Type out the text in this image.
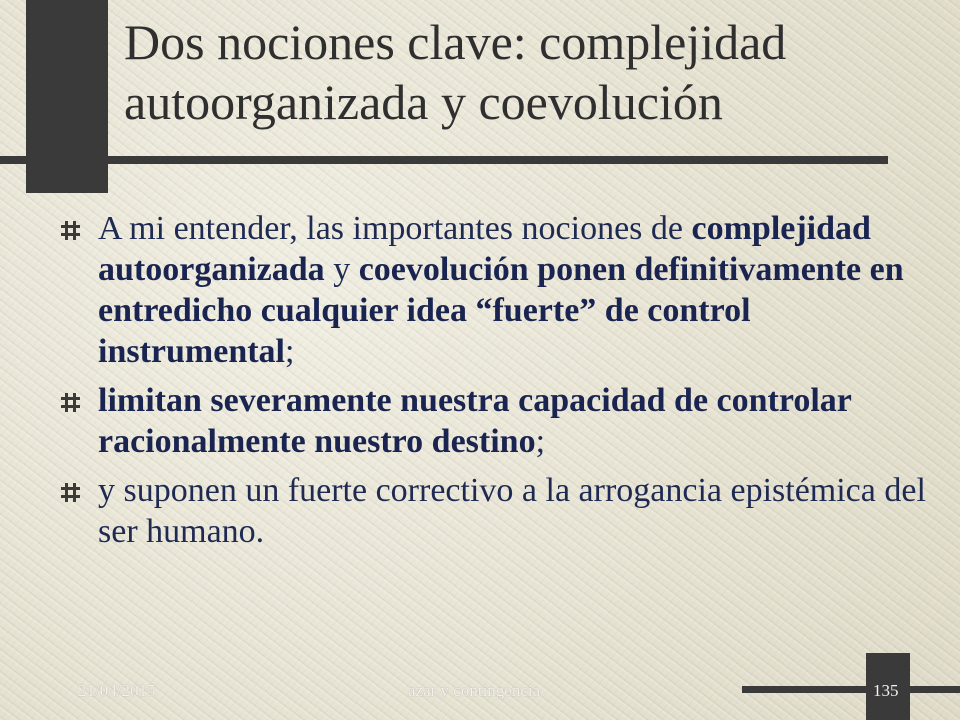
Dos nociones clave: complejidad
autoorganizada y coevolución
A mi entender, las importantes nociones de complejidad autoorganizada y coevolución ponen definitivamente en entredicho cualquier idea “fuerte” de control instrumental;
limitan severamente nuestra capacidad de controlar racionalmente nuestro destino;
y suponen un fuerte correctivo a la arrogancia epistémica del ser humano.
21/04/2015	azar y contingencia	135
